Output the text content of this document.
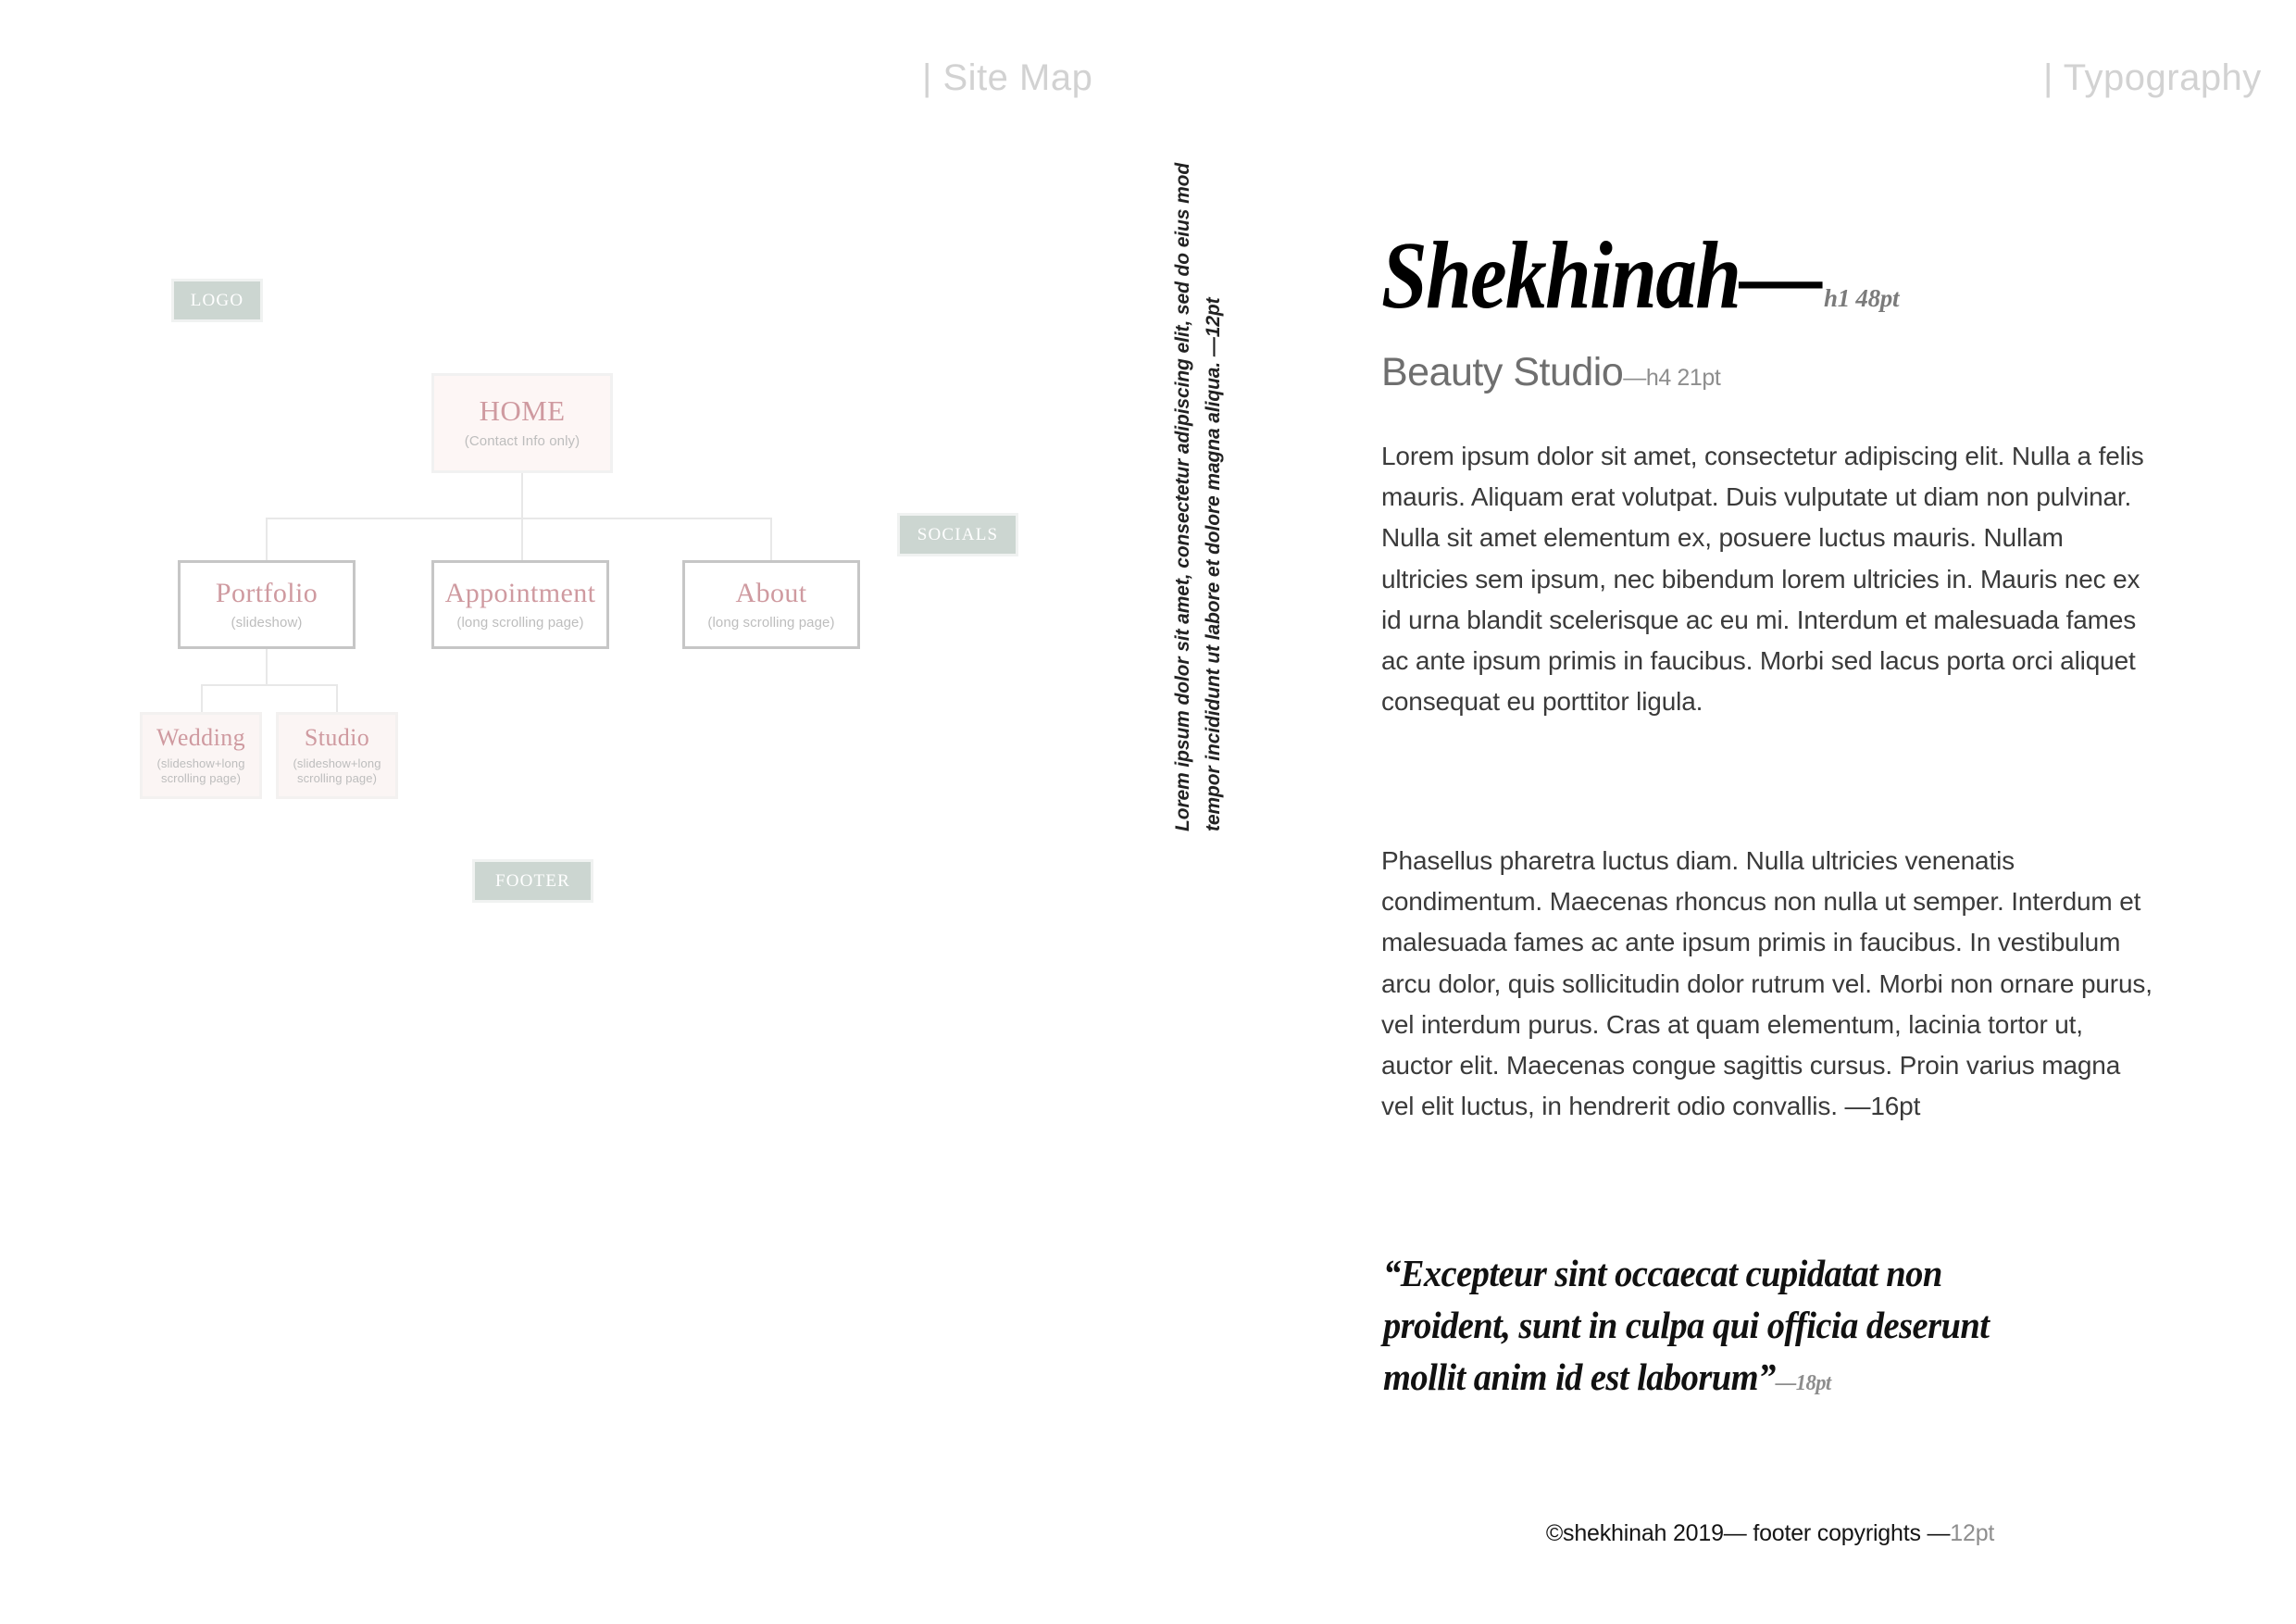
| Site Map	| Typography
LOGO
SOCIALS
FOOTER
HOME
(Contact Info only)
Portfolio
(slideshow)
Appointment
(long scrolling page)
About
(long scrolling page)
Wedding
(slideshow+long scrolling page)
Studio
(slideshow+long scrolling page)	Lorem ipsum dolor sit amet, consectetur adipiscing elit, sed do eius mod tempor incididunt ut labore et dolore magna aliqua. —12pt
Shekhinah— h1 48pt
Beauty Studio—h4 21pt

Lorem ipsum dolor sit amet, consectetur adipiscing elit. Nulla a felis mauris. Aliquam erat volutpat. Duis vulputate ut diam non pulvinar. Nulla sit amet elementum ex, posuere luctus mauris. Nullam ultricies sem ipsum, nec bibendum lorem ultricies in. Mauris nec ex id urna blandit scelerisque ac eu mi. Interdum et malesuada fames ac ante ipsum primis in faucibus. Morbi sed lacus porta orci aliquet consequat eu porttitor ligula.

Phasellus pharetra luctus diam. Nulla ultricies venenatis condimentum. Maecenas rhoncus non nulla ut semper. Interdum et malesuada fames ac ante ipsum primis in faucibus. In vestibulum arcu dolor, quis sollicitudin dolor rutrum vel. Morbi non ornare purus, vel interdum purus. Cras at quam elementum, lacinia tortor ut, auctor elit. Maecenas congue sagittis cursus. Proin varius magna vel elit luctus, in hendrerit odio convallis. —16pt

“Excepteur sint occaecat cupidatat non proident, sunt in culpa qui officia deserunt mollit anim id est laborum”—18pt
©shekhinah 2019— footer copyrights —12pt
